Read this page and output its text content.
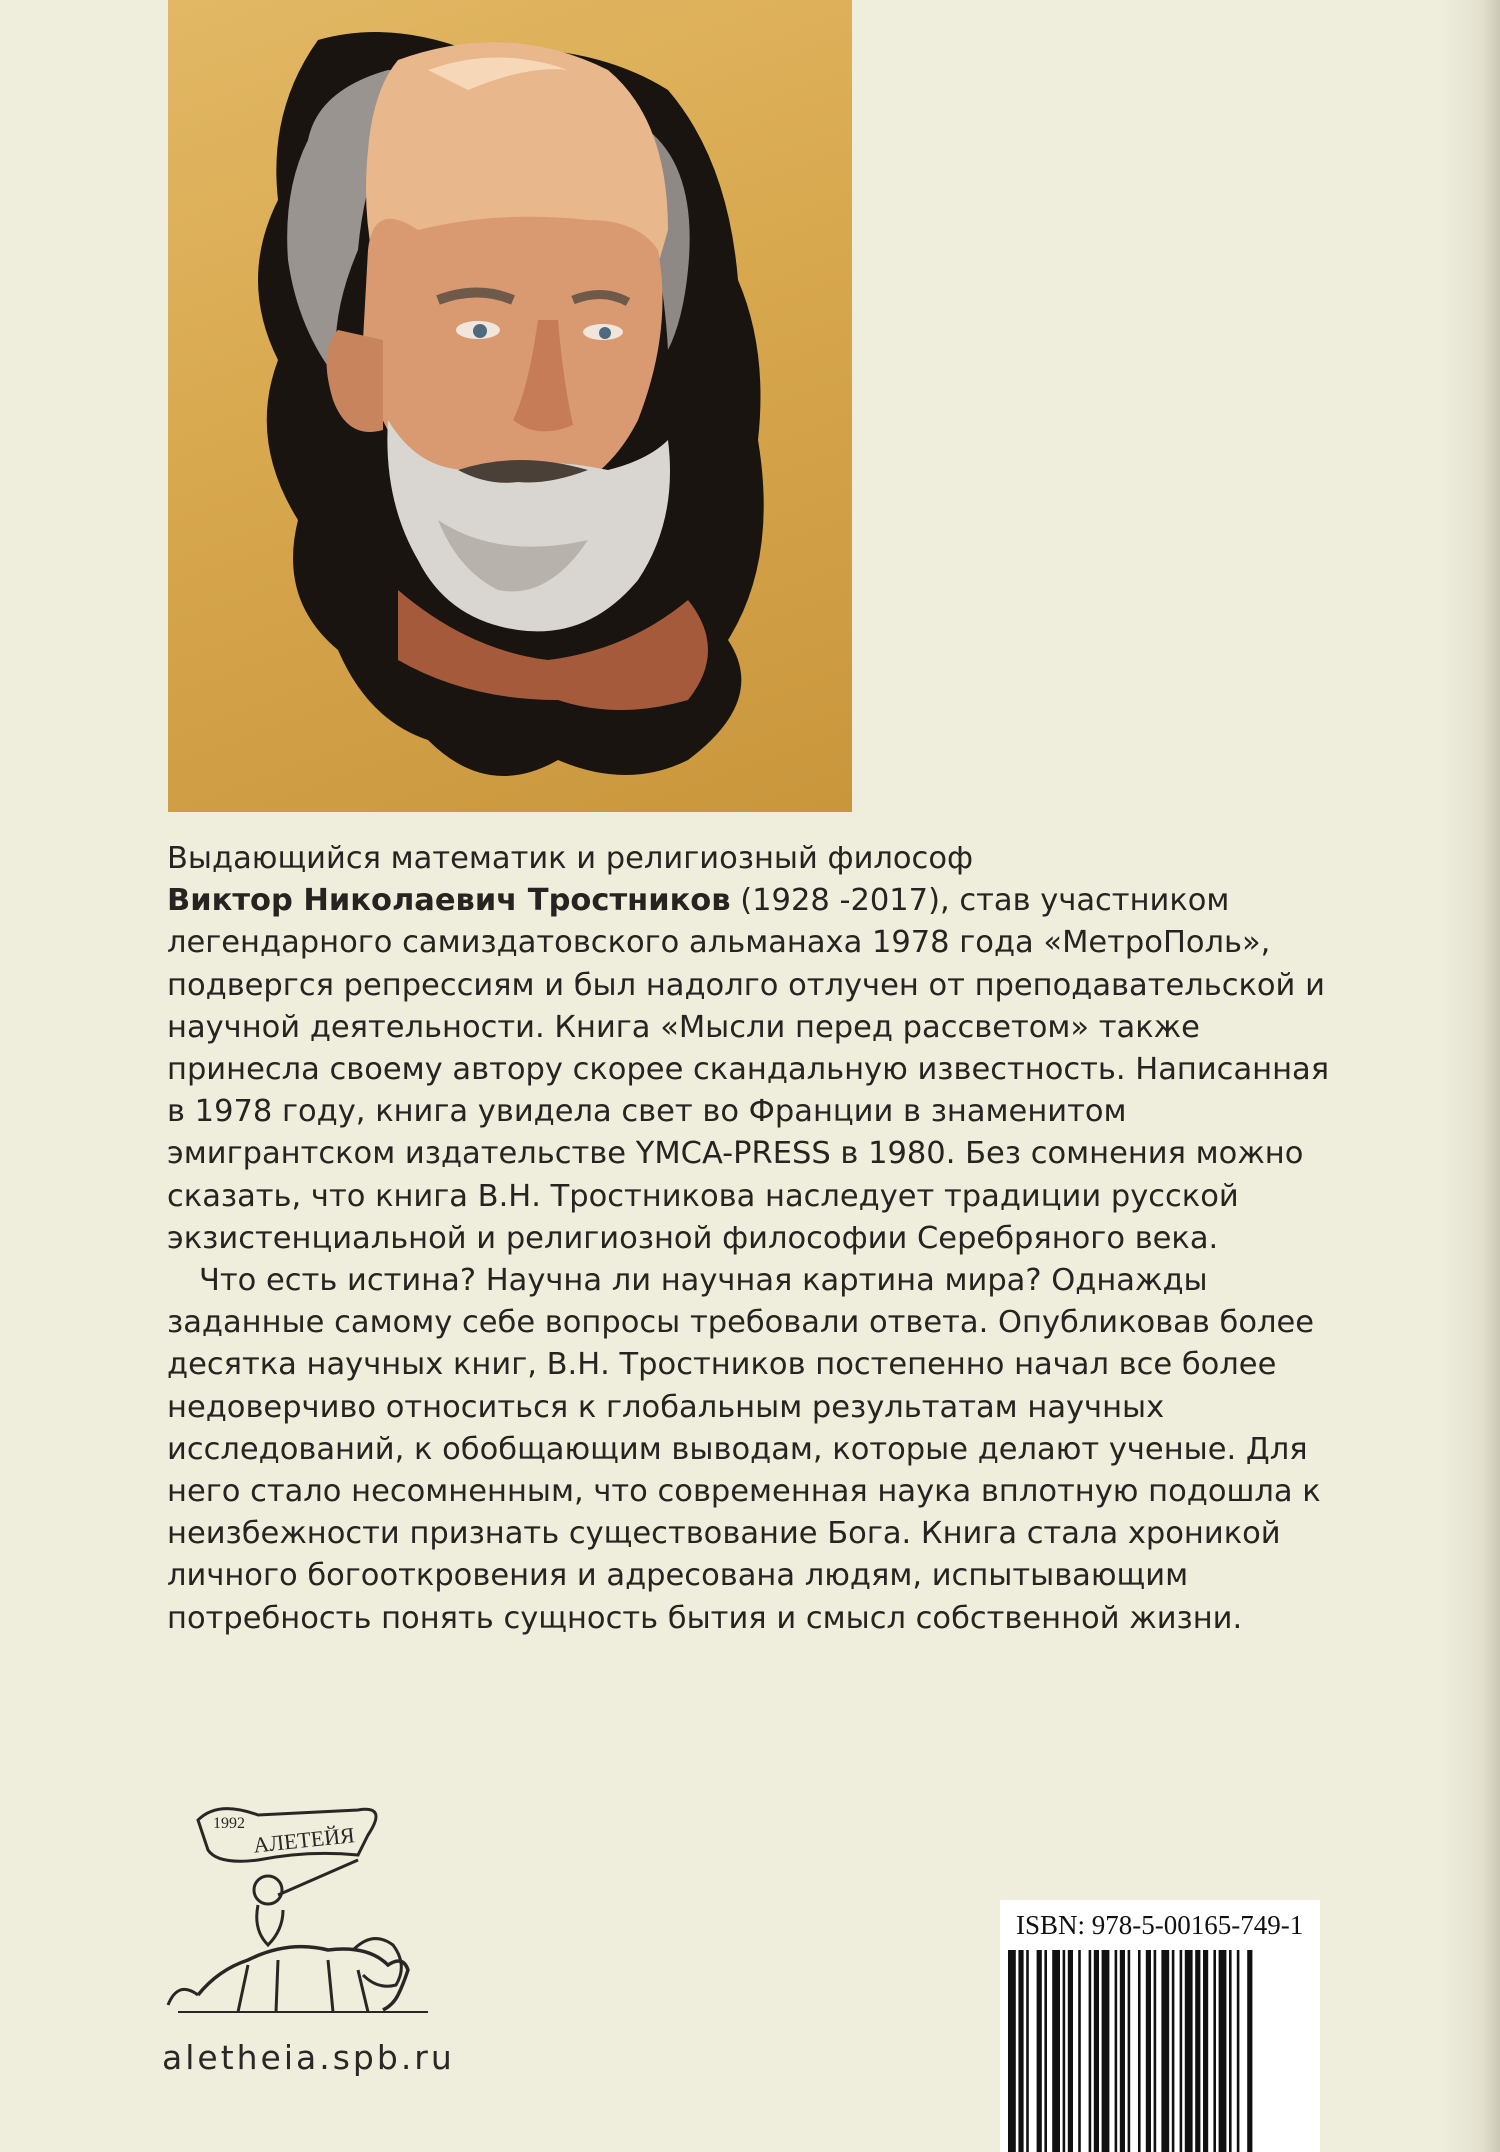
Выдающийся математик и религиозный философ
Виктор Николаевич Тростников (1928 -2017), став участником
легендарного самиздатовского альманаха 1978 года «МетроПоль», подвергся репрессиям и был надолго отлучен от преподавательской и научной деятельности. Книга «Мысли перед рассветом» также принесла своему автору скорее скандальную известность. Написанная в 1978 году, книга увидела свет во Франции в знаменитом эмигрантском издательстве YMCA-PRESS в 1980. Без сомнения можно сказать, что книга В.Н. Тростникова наследует традиции русской экзистенциальной и религиозной философии Серебряного века.

Что есть истина? Научна ли научная картина мира? Однажды заданные самому себе вопросы требовали ответа. Опубликовав более десятка научных книг, В.Н. Тростников постепенно начал все более недоверчиво относиться к глобальным результатам научных исследований, к обобщающим выводам, которые делают ученые. Для него стало несомненным, что современная наука вплотную подошла к неизбежности признать существование Бога. Книга стала хроникой личного богооткровения и адресована людям, испытывающим потребность понять сущность бытия и смысл собственной жизни.

1992 АЛЕТЕЙЯ
aletheia.spb.ru
ISBN: 978-5-00165-749-1
